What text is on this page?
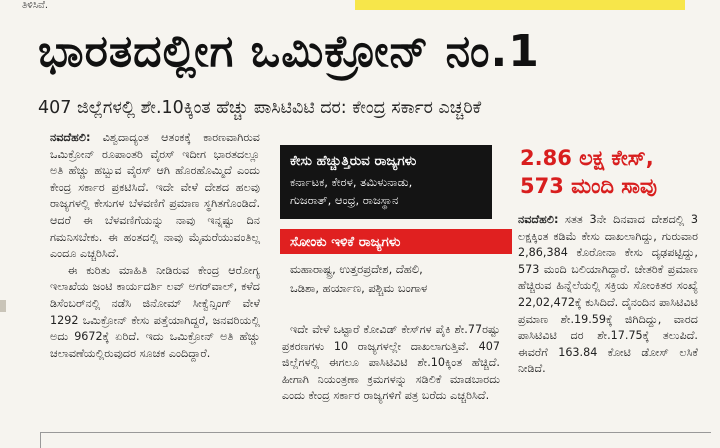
ತಿಳಿಸಿವೆ.
ಭಾರತದಲ್ಲೀಗ ಒಮಿಕ್ರೋನ್ ನಂ.1
407 ಜಿಲ್ಲೆಗಳಲ್ಲಿ ಶೇ.10ಕ್ಕಿಂತ ಹೆಚ್ಚು ಪಾಸಿಟಿವಿಟಿ ದರ: ಕೇಂದ್ರ ಸರ್ಕಾರ ಎಚ್ಚರಿಕೆ

ನವದೆಹಲಿ: ವಿಶ್ವದಾದ್ಯಂತ ಆತಂಕಕ್ಕೆ ಕಾರಣವಾಗಿರುವ ಒಮಿಕ್ರೋನ್ ರೂಪಾಂತರಿ ವೈರಸ್ ಇದೀಗ ಭಾರತದಲ್ಲೂ ಅತಿ ಹೆಚ್ಚು ಹಬ್ಬುವ ವೈರಸ್ ಆಗಿ ಹೊರಹೊಮ್ಮಿದೆ ಎಂದು ಕೇಂದ್ರ ಸರ್ಕಾರ ಪ್ರಕಟಿಸಿದೆ. ಇದೇ ವೇಳೆ ದೇಶದ ಹಲವು ರಾಜ್ಯಗಳಲ್ಲಿ ಕೇಸುಗಳ ಬೆಳವಣಿಗೆ ಪ್ರಮಾಣ ಸ್ಥಗಿತಗೊಂಡಿದೆ. ಆದರೆ ಈ ಬೆಳವಣಿಗೆಯನ್ನು ನಾವು ಇನ್ನಷ್ಟು ದಿನ ಗಮನಿಸಬೇಕು. ಈ ಹಂತದಲ್ಲಿ ನಾವು ಮೈಮರೆಯುವಂತಿಲ್ಲ ಎಂದೂ ಎಚ್ಚರಿಸಿದೆ.

ಈ ಕುರಿತು ಮಾಹಿತಿ ನೀಡಿರುವ ಕೇಂದ್ರ ಆರೋಗ್ಯ ಇಲಾಖೆಯ ಜಂಟಿ ಕಾರ್ಯದರ್ಶಿ ಲವ್ ಅಗರ್‌ವಾಲ್, ಕಳೆದ ಡಿಸೆಂಬರ್‌ನಲ್ಲಿ ನಡೆಸಿ ಜಿನೋಮ್ ಸೀಕ್ವೆನ್ಸಿಂಗ್ ವೇಳೆ 1292 ಒಮಿಕ್ರೋನ್ ಕೇಸು ಪತ್ತೆಯಾಗಿದ್ದರೆ, ಜನವರಿಯಲ್ಲಿ ಅದು 9672ಕ್ಕೆ ಏರಿದೆ. ಇದು ಒಮಿಕ್ರೋನ್ ಅತಿ ಹೆಚ್ಚು ಚಲಾವಣೆಯಲ್ಲಿರುವುದರ ಸೂಚಕ ಎಂದಿದ್ದಾರೆ.

ಕೇಸು ಹೆಚ್ಚುತ್ತಿರುವ ರಾಜ್ಯಗಳು
ಕರ್ನಾಟಕ, ಕೇರಳ, ತಮಿಳುನಾಡು,
ಗುಜರಾತ್, ಆಂಧ್ರ, ರಾಜಸ್ಥಾನ
ಸೋಂಕು ಇಳಿಕೆ ರಾಜ್ಯಗಳು
ಮಹಾರಾಷ್ಟ್ರ, ಉತ್ತರಪ್ರದೇಶ, ದೆಹಲಿ,
ಒಡಿಶಾ, ಹರ್ಯಾಣ, ಪಶ್ಚಿಮ ಬಂಗಾಳ

ಇದೇ ವೇಳೆ ಒಟ್ಟಾರೆ ಕೋವಿಡ್ ಕೇಸ್‌ಗಳ ಪೈಕಿ ಶೇ.77ರಷ್ಟು ಪ್ರಕರಣಗಳು 10 ರಾಜ್ಯಗಳಲ್ಲೇ ದಾಖಲಾಗುತ್ತಿವೆ. 407 ಜಿಲ್ಲೆಗಳಲ್ಲಿ ಈಗಲೂ ಪಾಸಿಟಿವಿಟಿ ಶೇ.10ಕ್ಕಿಂತ ಹೆಚ್ಚಿದೆ. ಹೀಗಾಗಿ ನಿಯಂತ್ರಣಾ ಕ್ರಮಗಳನ್ನು ಸಡಿಲಿಕೆ ಮಾಡಬಾರದು ಎಂದು ಕೇಂದ್ರ ಸರ್ಕಾರ ರಾಜ್ಯಗಳಿಗೆ ಪತ್ರ ಬರೆದು ಎಚ್ಚರಿಸಿದೆ.

2.86 ಲಕ್ಷ ಕೇಸ್,
573 ಮಂದಿ ಸಾವು

ನವದೆಹಲಿ: ಸತತ 3ನೇ ದಿನವಾದ ದೇಶದಲ್ಲಿ 3 ಲಕ್ಷಕ್ಕಿಂತ ಕಡಿಮೆ ಕೇಸು ದಾಖಲಾಗಿದ್ದು, ಗುರುವಾರ 2,86,384 ಕೊರೋನಾ ಕೇಸು ದೃಢಪಟ್ಟಿದ್ದು, 573 ಮಂದಿ ಬಲಿಯಾಗಿದ್ದಾರೆ. ಚೇತರಿಕೆ ಪ್ರಮಾಣ ಹೆಚ್ಚಿರುವ ಹಿನ್ನೆಲೆಯಲ್ಲಿ ಸಕ್ರಿಯ ಸೋಂಕಿತರ ಸಂಖ್ಯೆ 22,02,472ಕ್ಕೆ ಕುಸಿದಿದೆ. ದೈನಂದಿನ ಪಾಸಿಟಿವಿಟಿ ಪ್ರಮಾಣ ಶೇ.19.59ಕ್ಕೆ ಜಿಗಿದಿದ್ದು, ವಾರದ ಪಾಸಿಟಿವಿಟಿ ದರ ಶೇ.17.75ಕ್ಕೆ ತಲುಪಿದೆ. ಈವರೆಗೆ 163.84 ಕೋಟಿ ಡೋಸ್ ಲಸಿಕೆ ನೀಡಿದೆ.
